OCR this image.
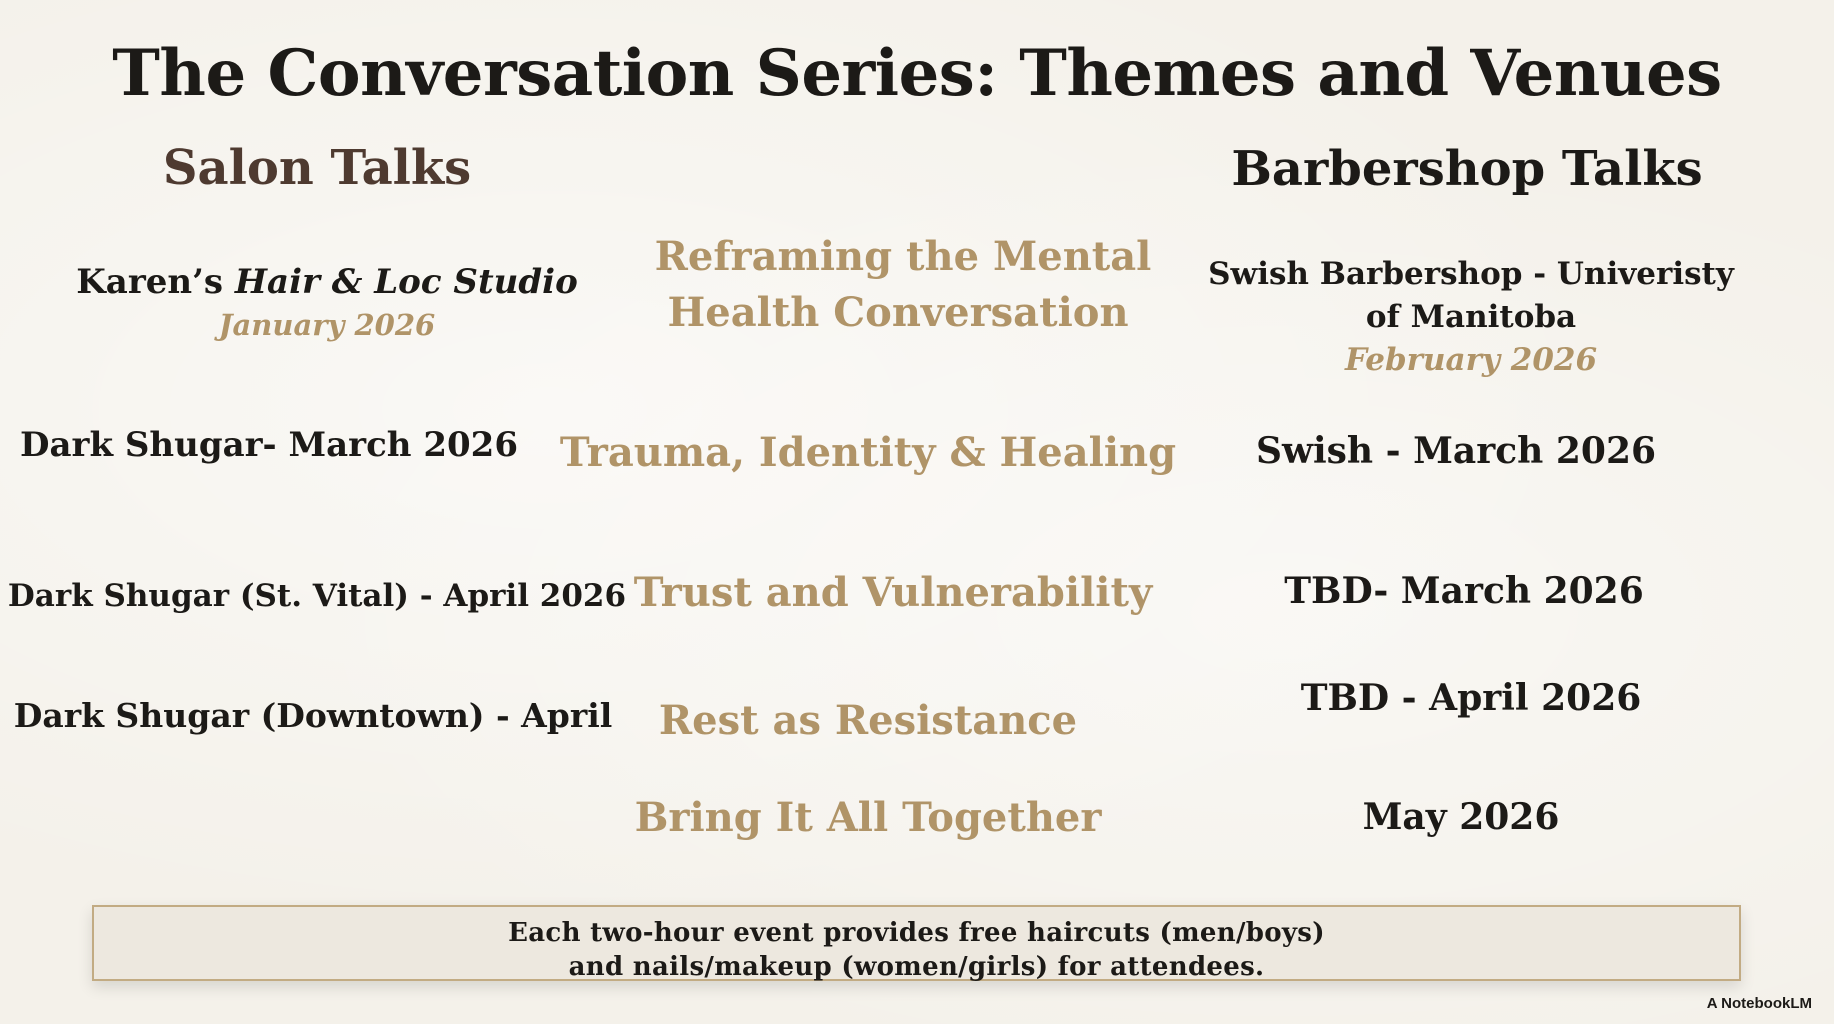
The Conversation Series: Themes and Venues
Salon Talks	Barbershop Talks
Karen’s Hair & Loc Studio
January 2026
Dark Shugar- March 2026
Dark Shugar (St. Vital) - April 2026
Dark Shugar (Downtown) - April
Reframing the Mental
Health Conversation
Trauma, Identity & Healing
Trust and Vulnerability
Rest as Resistance
Bring It All Together
Swish Barbershop - Univeristy
of Manitoba
February 2026
Swish - March 2026
TBD- March 2026
TBD - April 2026
May 2026
Each two-hour event provides free haircuts (men/boys)
and nails/makeup (women/girls) for attendees.
A NotebookLM
